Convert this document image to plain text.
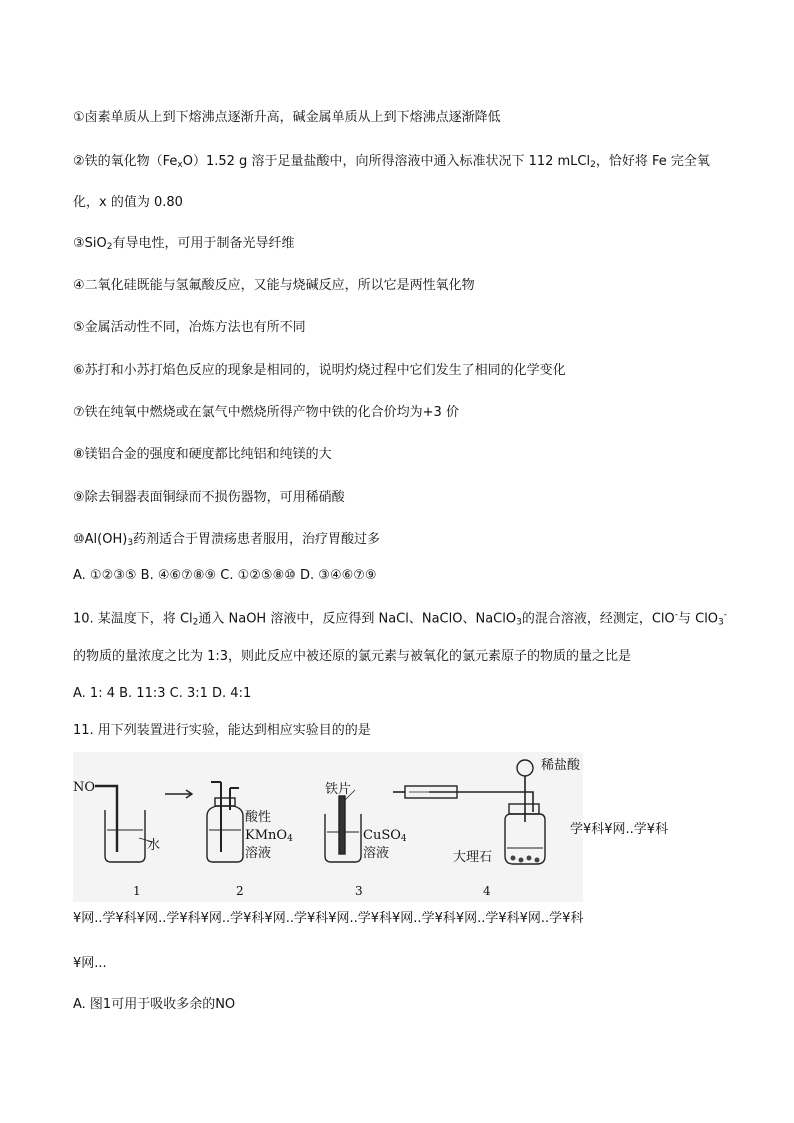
①卤素单质从上到下熔沸点逐渐升高，碱金属单质从上到下熔沸点逐渐降低
②铁的氧化物$(Fe_xO)1.52$ g 溶于足量盐酸中，向所得溶液中通入标准状况下 112 mLCl$_2$，恰好将 Fe 完全氧
化，x 的值为 0.80
③SiO$_2$有导电性，可用于制备光导纤维
④二氧化硅既能与氢氟酸反应，又能与烧碱反应，所以它是两性氧化物
⑤金属活动性不同，冶炼方法也有所不同
⑥苏打和小苏打焰色反应的现象是相同的，说明灼烧过程中它们发生了相同的化学变化
⑦铁在纯氧中燃烧或在氯气中燃烧所得产物中铁的化合价均为+3 价
⑧镁铝合金的强度和硬度都比纯铝和纯镁的大
⑨除去铜器表面铜绿而不损伤器物，可用稀硝酸
$⑩Al(OH)_3$药剂适合于胃溃疡患者服用，治疗胃酸过多
A. ①②③⑤ B. ④⑥⑦⑧⑨ C. ①②⑤⑧⑩ D. ③④⑥⑦⑨
10. 某温度下，将 $Cl_2$通入 NaOH 溶液中，反应得到 NaCl、NaClO、NaClO$_3$的混合溶液，经测定，ClO-与 ClO$_3$-
的物质的量浓度之比为 1:3，则此反应中被还原的氯元素与被氧化的氯元素原子的物质的量之比是
A. 1: 4 B. 11:3 C. 3:1 D. 4:1
11. 用下列装置进行实验，能达到相应实验目的的是
NO
水
酸性
KMnO$_4$
溶液
铁片
CuSO$_4$
溶液
稀盐酸
大理石
1	2	3	4
学¥科¥网..学¥科
¥网..学¥科¥网..学¥科¥网..学¥科¥网..学¥科¥网..学¥科¥网..学¥科¥网..学¥科¥网..学¥科
¥网...
A. 图1可用于吸收多余的NO
